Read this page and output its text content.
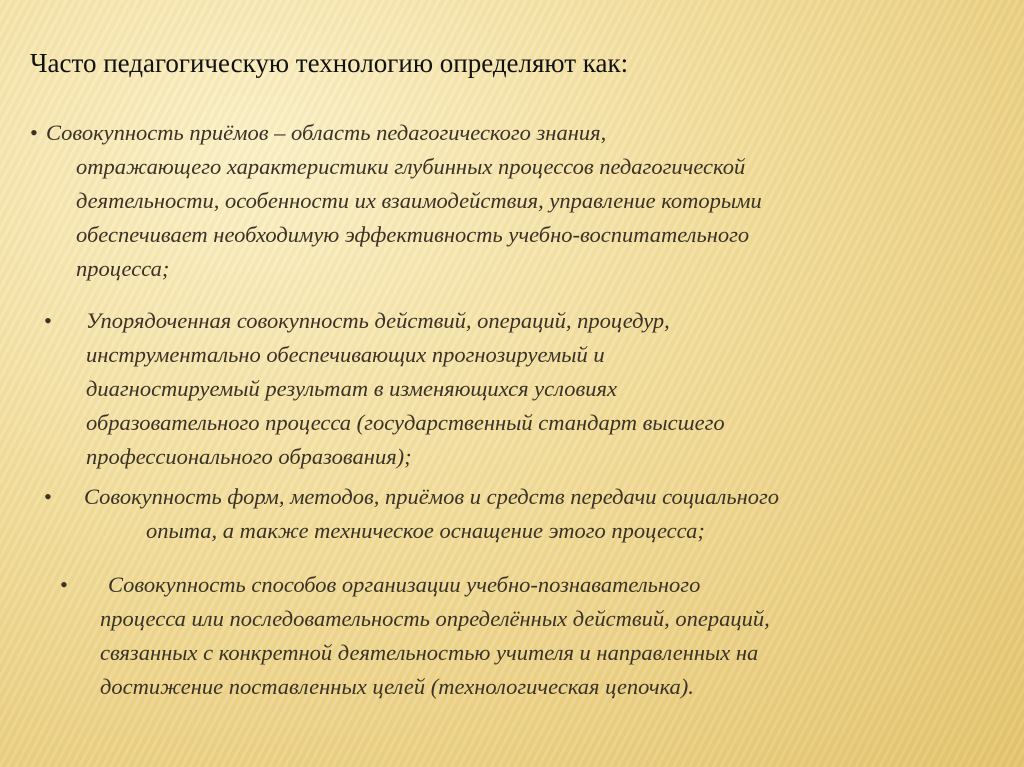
Часто педагогическую технологию определяют как:
• Совокупность приёмов – область педагогического знания,
отражающего характеристики глубинных процессов педагогической
деятельности, особенности их взаимодействия, управление которыми
обеспечивает необходимую эффективность учебно-воспитательного
процесса;
•	Упорядоченная совокупность действий, операций, процедур,
инструментально обеспечивающих прогнозируемый и
диагностируемый результат в изменяющихся условиях
образовательного процесса (государственный стандарт высшего
профессионального образования);
•	Совокупность форм, методов, приёмов и средств передачи социального
опыта, а также техническое оснащение этого процесса;
•	Совокупность способов организации учебно-познавательного
процесса или последовательность определённых действий, операций,
связанных с конкретной деятельностью учителя и направленных на
достижение поставленных целей (технологическая цепочка).
